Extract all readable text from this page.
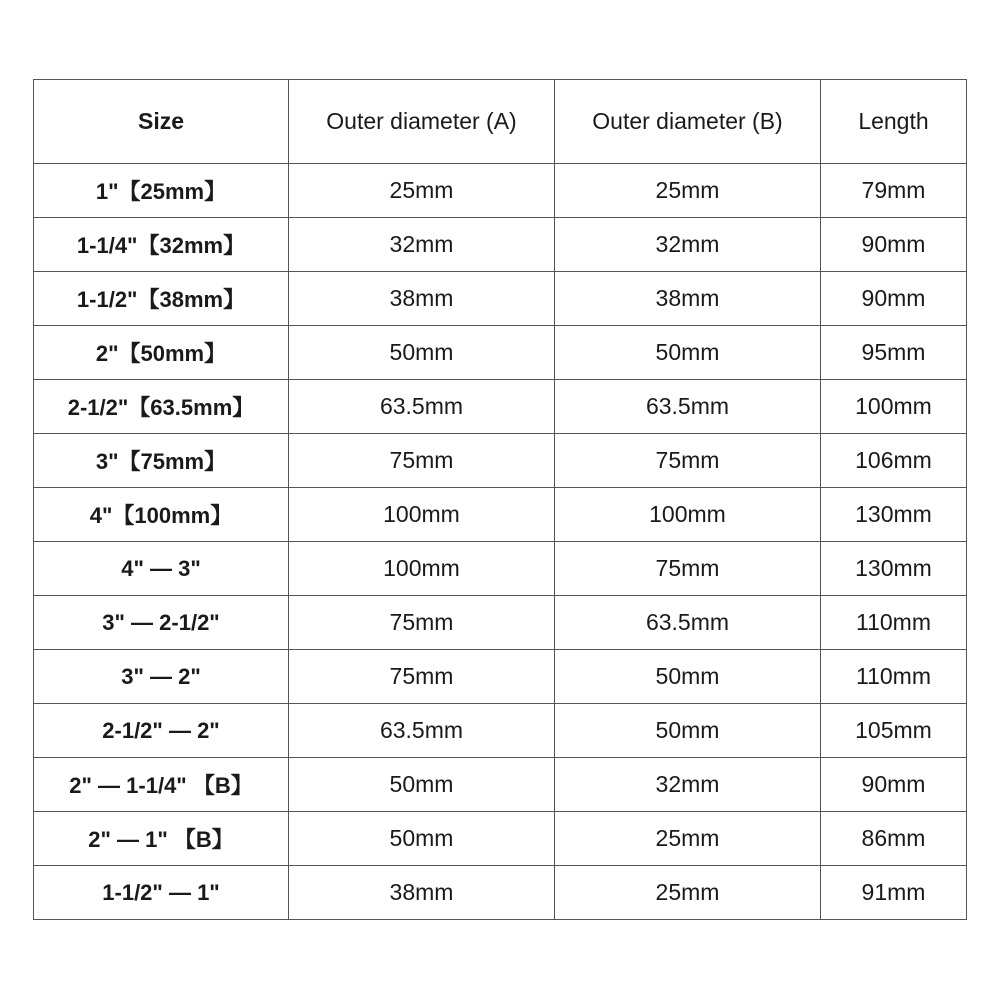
Size	Outer diameter (A)	Outer diameter (B)	Length
1"【25mm】	25mm	25mm	79mm
1-1/4"【32mm】	32mm	32mm	90mm
1-1/2"【38mm】	38mm	38mm	90mm
2"【50mm】	50mm	50mm	95mm
2-1/2"【63.5mm】	63.5mm	63.5mm	100mm
3"【75mm】	75mm	75mm	106mm
4"【100mm】	100mm	100mm	130mm
4" — 3"	100mm	75mm	130mm
3" — 2-1/2"	75mm	63.5mm	110mm
3" — 2"	75mm	50mm	110mm
2-1/2" — 2"	63.5mm	50mm	105mm
2" — 1-1/4" 【B】	50mm	32mm	90mm
2" — 1" 【B】	50mm	25mm	86mm
1-1/2" — 1"	38mm	25mm	91mm
